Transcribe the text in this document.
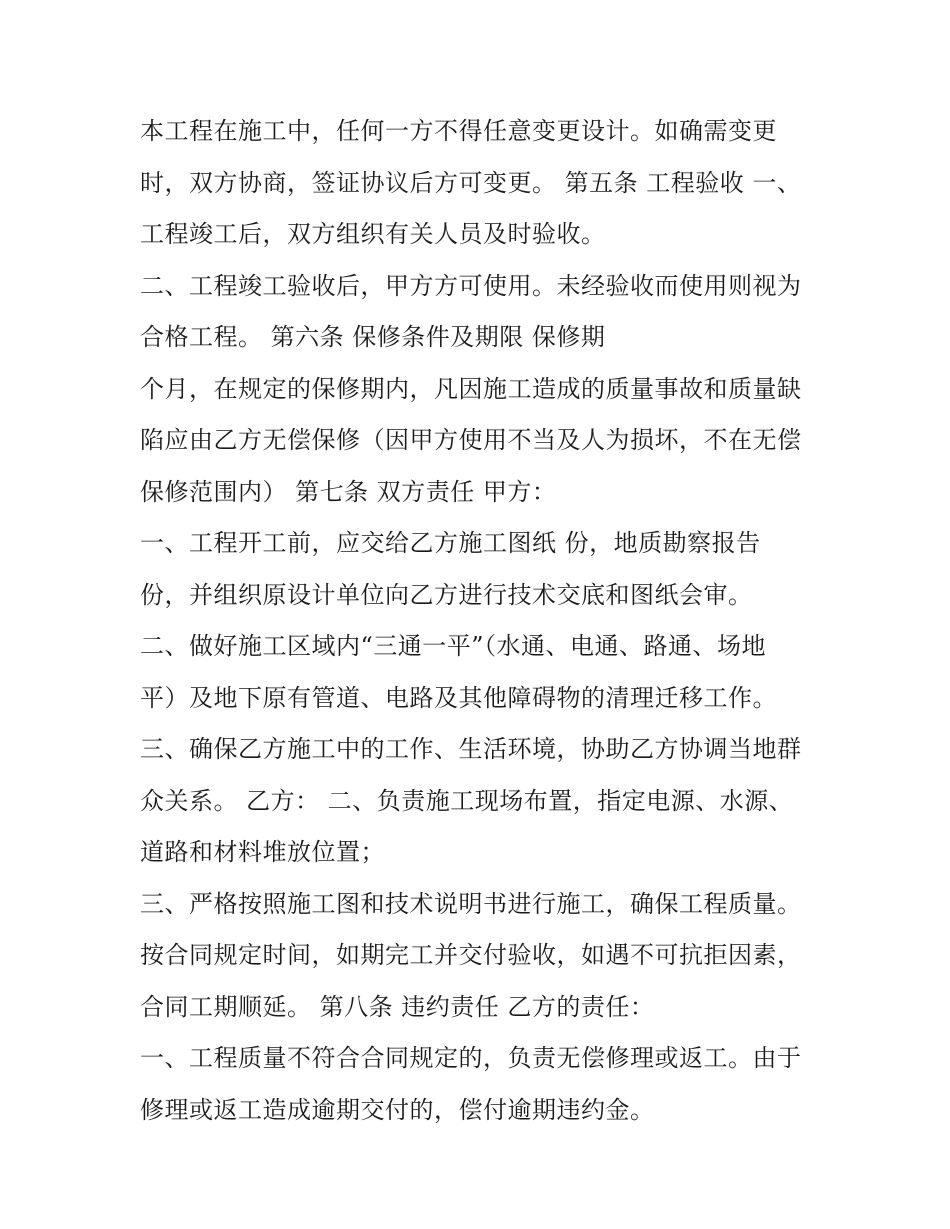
本工程在施工中，任何一方不得任意变更设计。如确需变更
时，双方协商，签证协议后方可变更。 第五条 工程验收 一、
工程竣工后，双方组织有关人员及时验收。
二、工程竣工验收后，甲方方可使用。未经验收而使用则视为
合格工程。 第六条 保修条件及期限 保修期
个月，在规定的保修期内，凡因施工造成的质量事故和质量缺
陷应由乙方无偿保修（因甲方使用不当及人为损坏，不在无偿
保修范围内） 第七条 双方责任 甲方：
一、工程开工前，应交给乙方施工图纸 份，地质勘察报告
份，并组织原设计单位向乙方进行技术交底和图纸会审。
二、做好施工区域内“三通一平”（水通、电通、路通、场地
平）及地下原有管道、电路及其他障碍物的清理迁移工作。
三、确保乙方施工中的工作、生活环境，协助乙方协调当地群
众关系。 乙方： 二、负责施工现场布置，指定电源、水源、
道路和材料堆放位置；
三、严格按照施工图和技术说明书进行施工，确保工程质量。
按合同规定时间，如期完工并交付验收，如遇不可抗拒因素，
合同工期顺延。 第八条 违约责任 乙方的责任：
一、工程质量不符合合同规定的，负责无偿修理或返工。由于
修理或返工造成逾期交付的，偿付逾期违约金。
